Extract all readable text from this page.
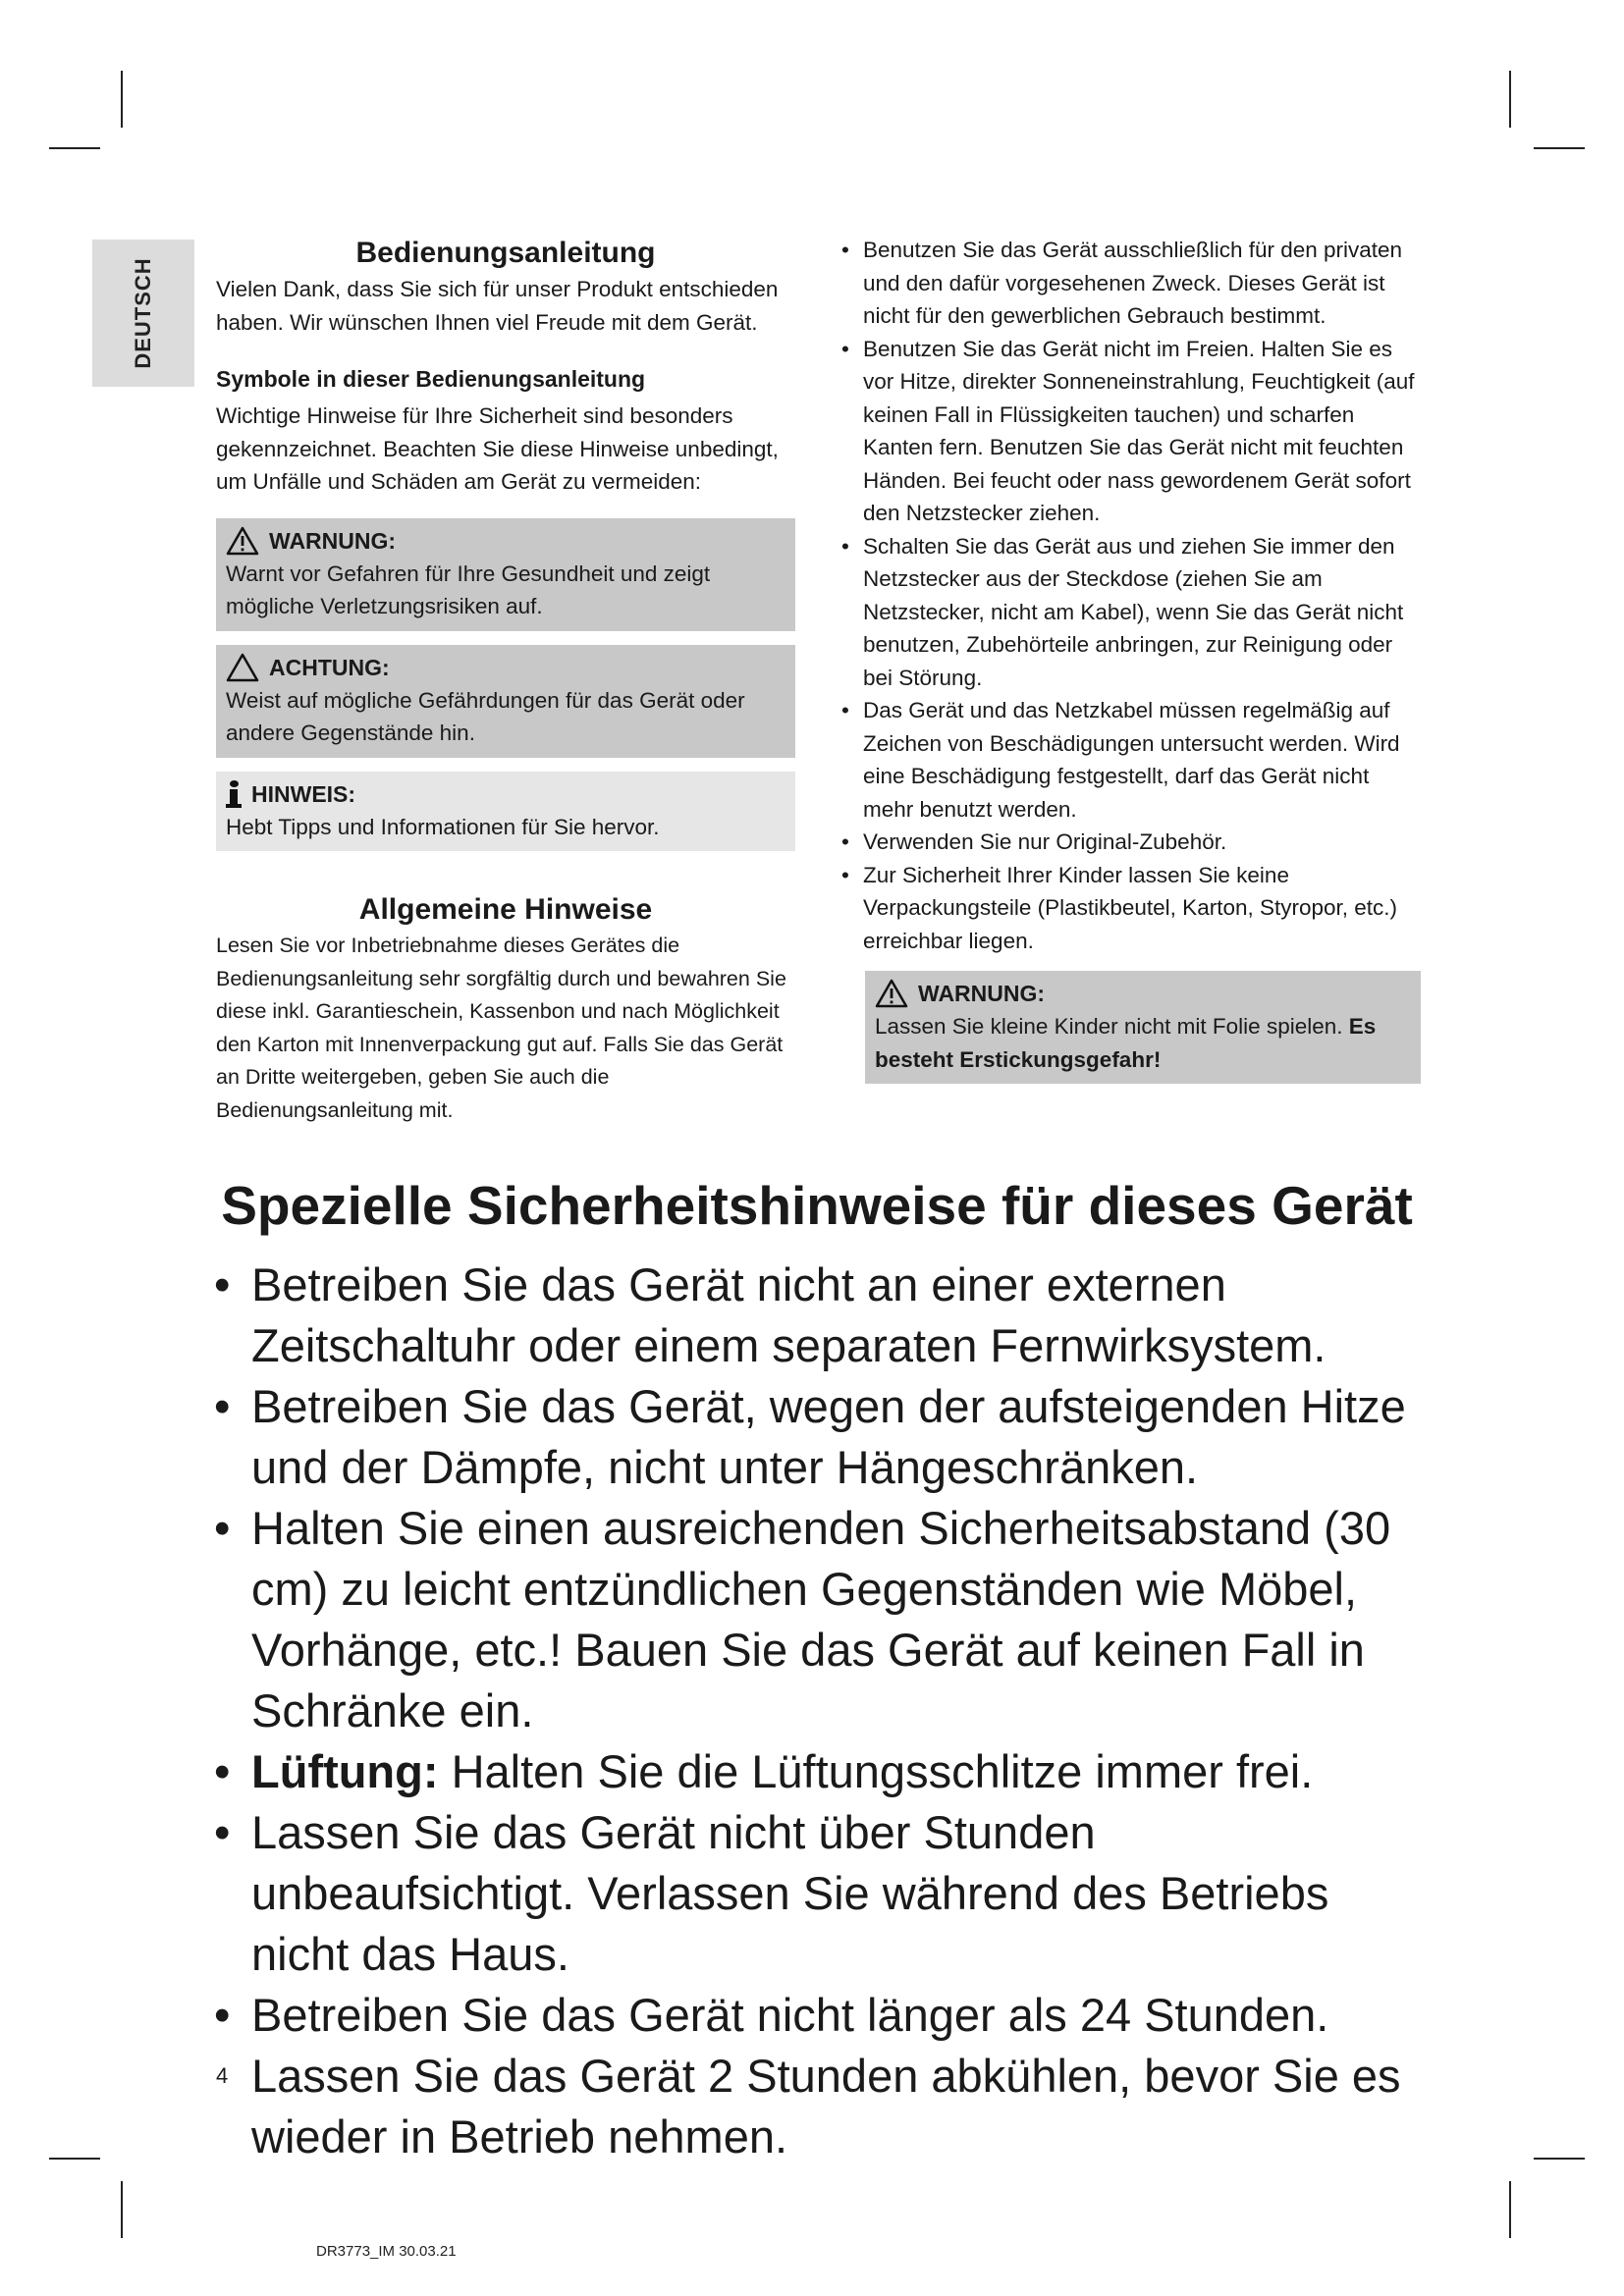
DEUTSCH
Bedienungsanleitung

Vielen Dank, dass Sie sich für unser Produkt entschieden haben. Wir wünschen Ihnen viel Freude mit dem Gerät.

Symbole in dieser Bedienungsanleitung

Wichtige Hinweise für Ihre Sicherheit sind besonders gekennzeichnet. Beachten Sie diese Hinweise unbedingt, um Unfälle und Schäden am Gerät zu vermeiden:

WARNUNG:

Warnt vor Gefahren für Ihre Gesundheit und zeigt mögliche Verletzungsrisiken auf.

ACHTUNG:

Weist auf mögliche Gefährdungen für das Gerät oder andere Gegenstände hin.

HINWEIS:

Hebt Tipps und Informationen für Sie hervor.

Allgemeine Hinweise

Lesen Sie vor Inbetriebnahme dieses Gerätes die Bedienungsanleitung sehr sorgfältig durch und bewahren Sie diese inkl. Garantieschein, Kassenbon und nach Möglichkeit den Karton mit Innenverpackung gut auf. Falls Sie das Gerät an Dritte weitergeben, geben Sie auch die Bedienungsanleitung mit.

• Benutzen Sie das Gerät ausschließlich für den privaten und den dafür vorgesehenen Zweck. Dieses Gerät ist nicht für den gewerblichen Gebrauch bestimmt.
• Benutzen Sie das Gerät nicht im Freien. Halten Sie es vor Hitze, direkter Sonneneinstrahlung, Feuchtigkeit (auf keinen Fall in Flüssigkeiten tauchen) und scharfen Kanten fern. Benutzen Sie das Gerät nicht mit feuchten Händen. Bei feucht oder nass gewordenem Gerät sofort den Netzstecker ziehen.
• Schalten Sie das Gerät aus und ziehen Sie immer den Netzstecker aus der Steckdose (ziehen Sie am Netzstecker, nicht am Kabel), wenn Sie das Gerät nicht benutzen, Zubehörteile anbringen, zur Reinigung oder bei Störung.
• Das Gerät und das Netzkabel müssen regelmäßig auf Zeichen von Beschädigungen untersucht werden. Wird eine Beschädigung festgestellt, darf das Gerät nicht mehr benutzt werden.
• Verwenden Sie nur Original-Zubehör.
• Zur Sicherheit Ihrer Kinder lassen Sie keine Verpackungsteile (Plastikbeutel, Karton, Styropor, etc.) erreichbar liegen.
WARNUNG:

Lassen Sie kleine Kinder nicht mit Folie spielen. Es besteht Erstickungsgefahr!

Spezielle Sicherheitshinweise für dieses Gerät
• Betreiben Sie das Gerät nicht an einer externen Zeitschaltuhr oder einem separaten Fernwirksystem.
• Betreiben Sie das Gerät, wegen der aufsteigenden Hitze und der Dämpfe, nicht unter Hängeschränken.
• Halten Sie einen ausreichenden Sicherheitsabstand (30 cm) zu leicht entzündlichen Gegenständen wie Möbel, Vorhänge, etc.! Bauen Sie das Gerät auf keinen Fall in Schränke ein.
• Lüftung: Halten Sie die Lüftungsschlitze immer frei.
• Lassen Sie das Gerät nicht über Stunden unbeaufsichtigt. Verlassen Sie während des Betriebs nicht das Haus.
• Betreiben Sie das Gerät nicht länger als 24 Stunden. Lassen Sie das Gerät 2 Stunden abkühlen, bevor Sie es wieder in Betrieb nehmen.
4
DR3773_IM 30.03.21
